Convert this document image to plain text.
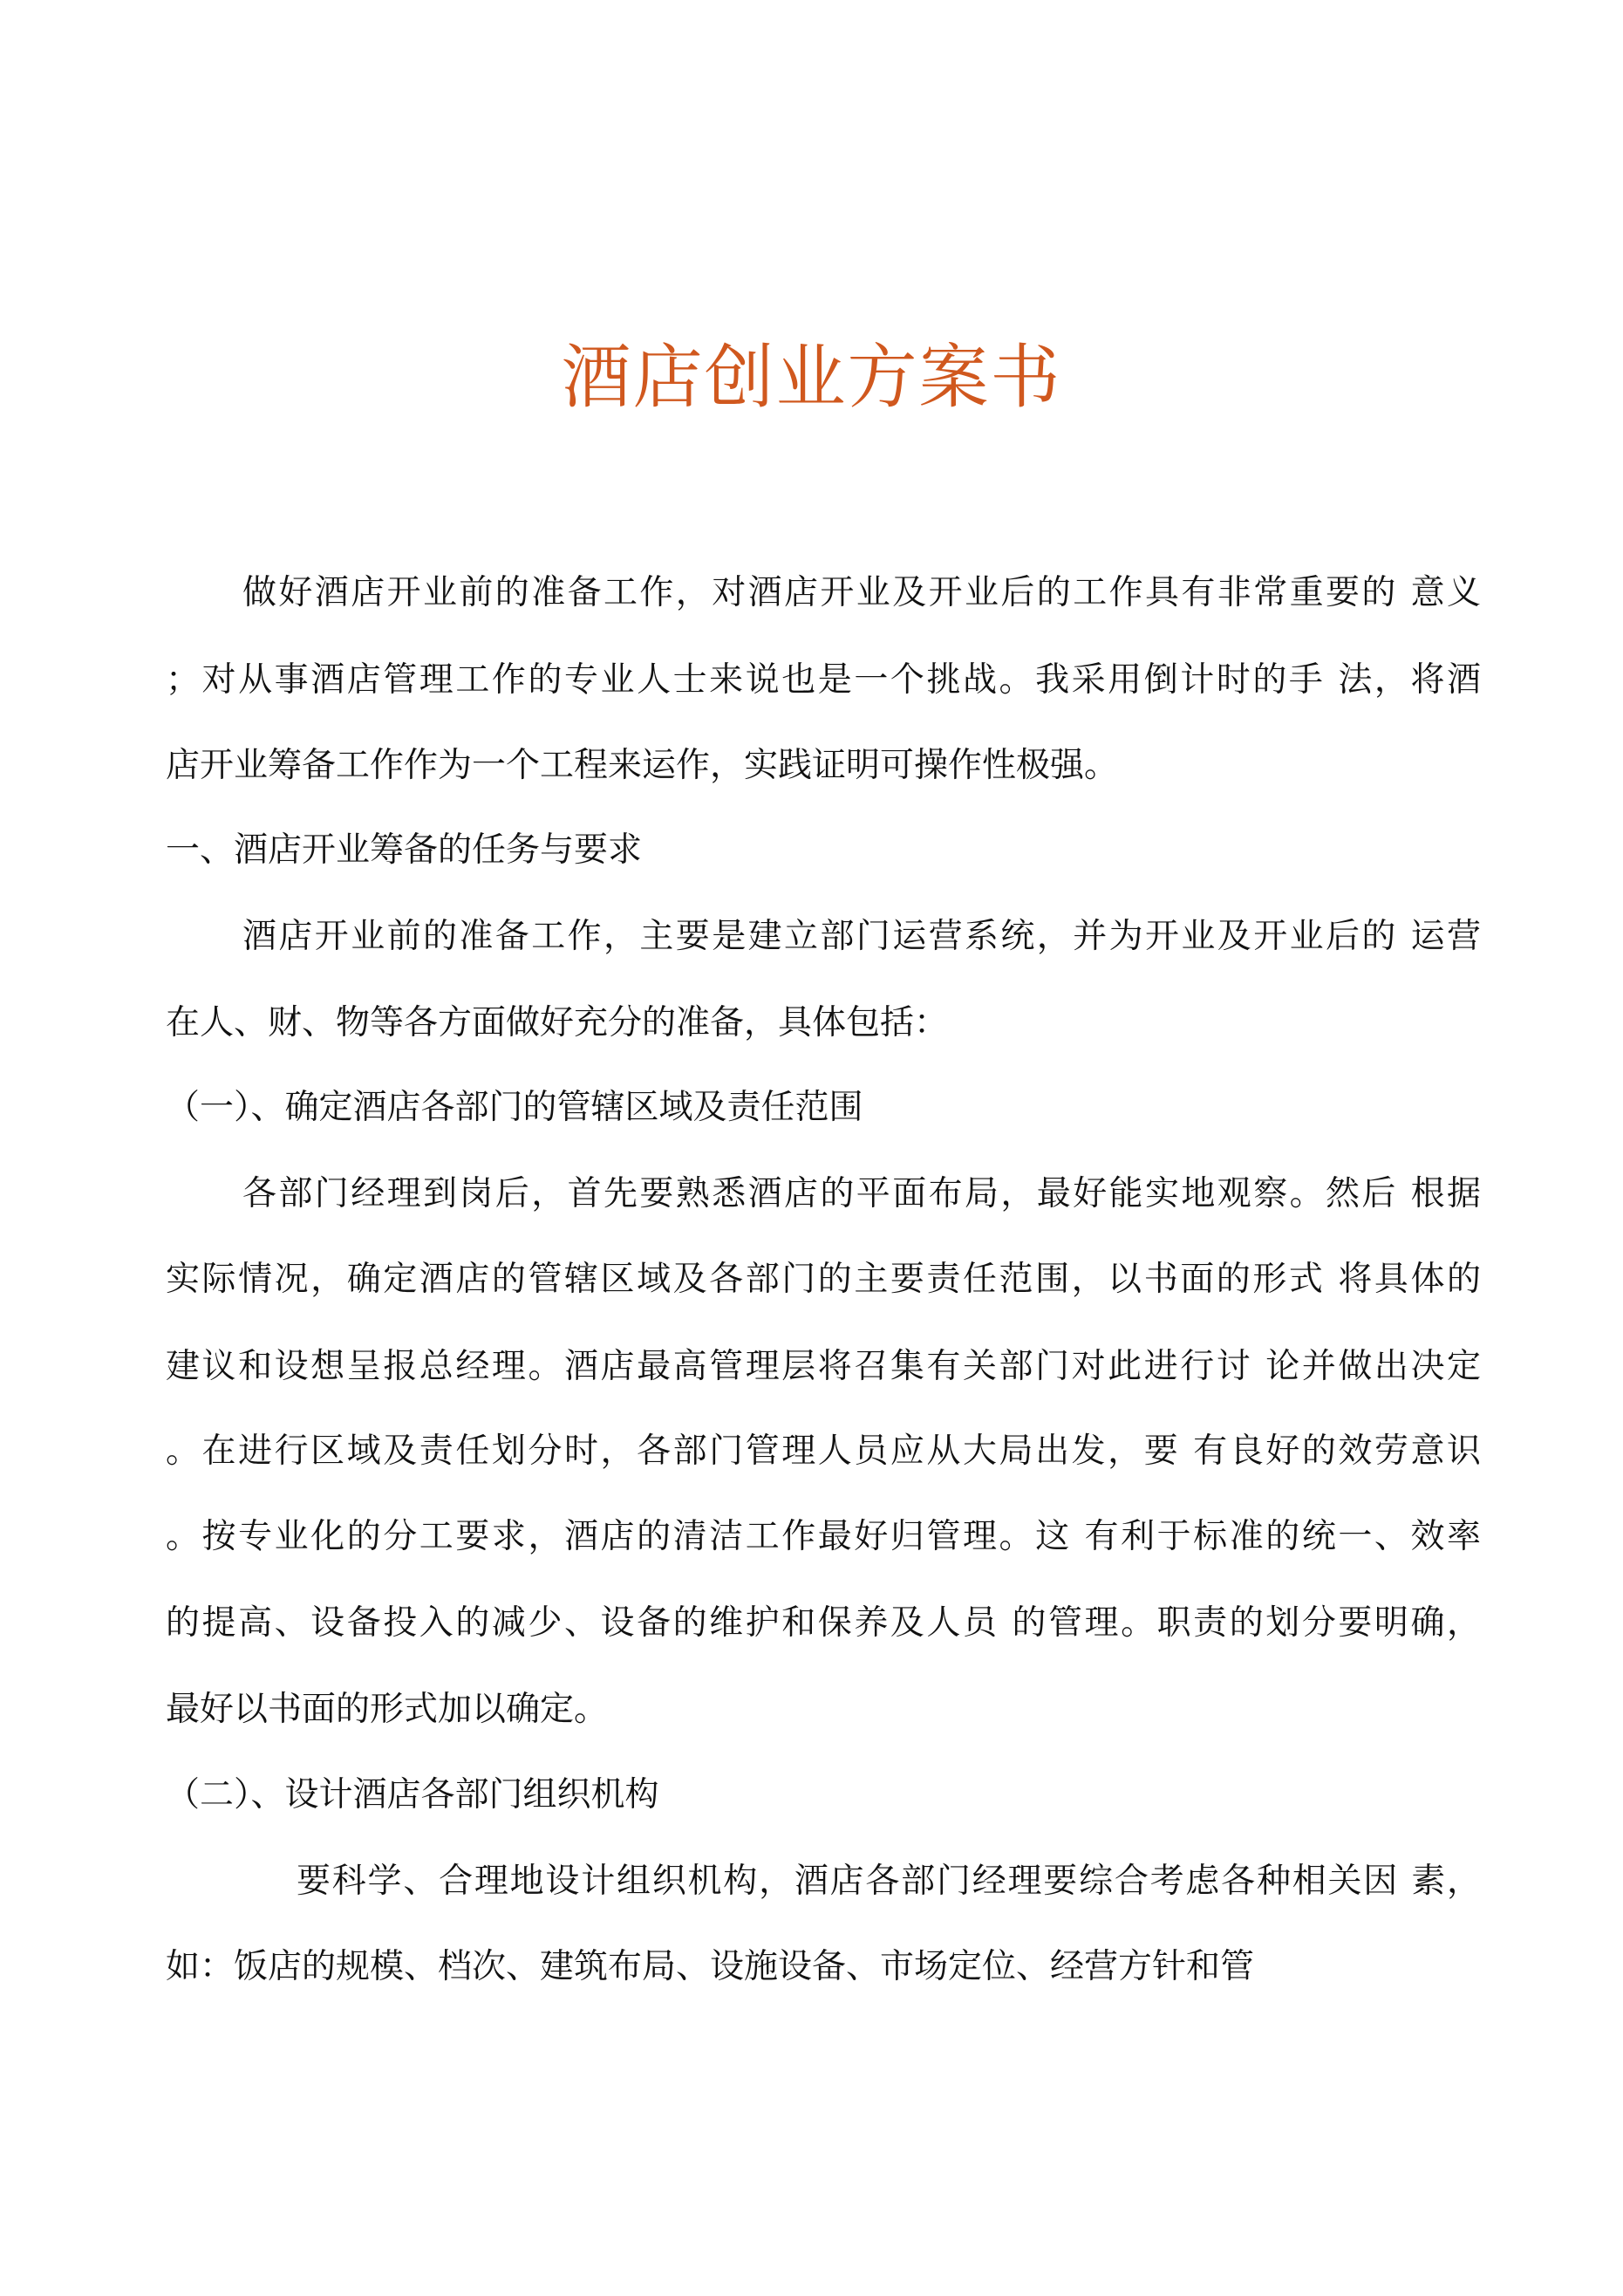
酒店创业方案书
做好酒店开业前的准备工作，对酒店开业及开业后的工作具有非常重要的 意义
；对从事酒店管理工作的专业人士来说也是一个挑战。我采用倒计时的手 法，将酒
店开业筹备工作作为一个工程来运作，实践证明可操作性极强。
一、酒店开业筹备的任务与要求
酒店开业前的准备工作，主要是建立部门运营系统，并为开业及开业后的 运营
在人、财、物等各方面做好充分的准备，具体包括：
（一）、确定酒店各部门的管辖区域及责任范围
各部门经理到岗后，首先要熟悉酒店的平面布局，最好能实地观察。然后 根据
实际情况，确定酒店的管辖区域及各部门的主要责任范围，以书面的形式 将具体的
建议和设想呈报总经理。酒店最高管理层将召集有关部门对此进行讨 论并做出决定
。在进行区域及责任划分时，各部门管理人员应从大局出发，要 有良好的效劳意识
。按专业化的分工要求，酒店的清洁工作最好归管理。这 有利于标准的统一、效率
的提高、设备投入的减少、设备的维护和保养及人员 的管理。职责的划分要明确，
最好以书面的形式加以确定。
（二）、设计酒店各部门组织机构
要科学、合理地设计组织机构，酒店各部门经理要综合考虑各种相关因 素，
如：饭店的规模、档次、建筑布局、设施设备、市场定位、经营方针和管
